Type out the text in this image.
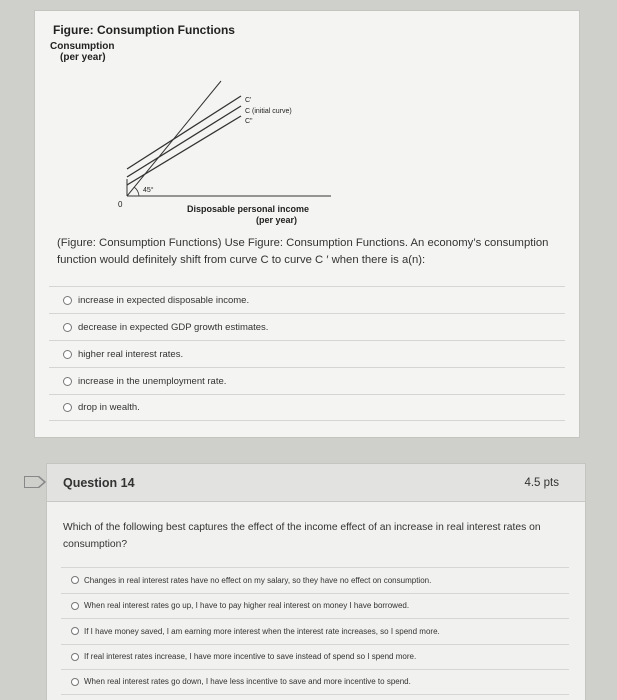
Figure: Consumption Functions
Consumption
(per year)
C'
C (initial curve)
C"
0
45°
Disposable personal income
(per year)
(Figure: Consumption Functions) Use Figure: Consumption Functions. An economy’s consumption function would definitely shift from curve C to curve C ′ when there is a(n):
increase in expected disposable income.
decrease in expected GDP growth estimates.
higher real interest rates.
increase in the unemployment rate.
drop in wealth.
Question 14	4.5 pts
Which of the following best captures the effect of the income effect of an increase in real interest rates on consumption?
Changes in real interest rates have no effect on my salary, so they have no effect on consumption.
When real interest rates go up, I have to pay higher real interest on money I have borrowed.
If I have money saved, I am earning more interest when the interest rate increases, so I spend more.
If real interest rates increase, I have more incentive to save instead of spend so I spend more.
When real interest rates go down, I have less incentive to save and more incentive to spend.
